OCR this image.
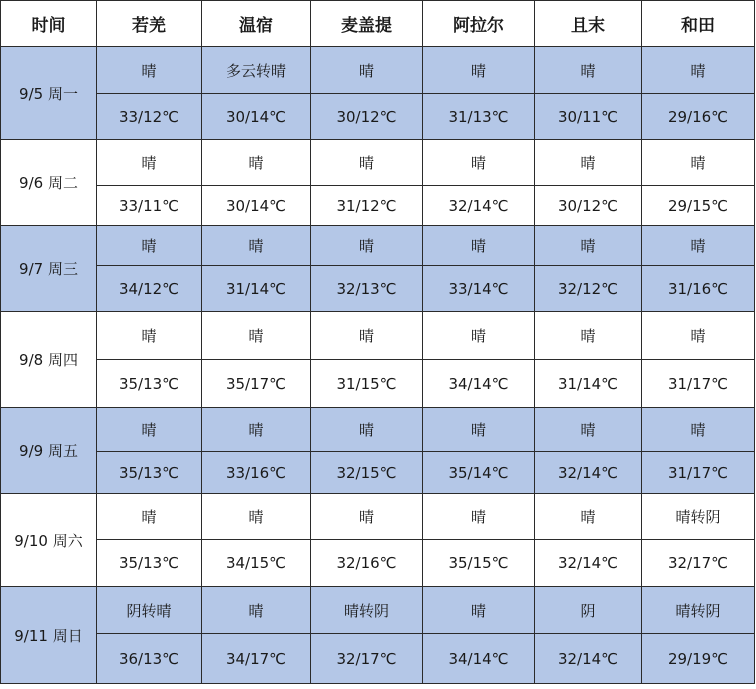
时间	若羌	温宿	麦盖提	阿拉尔	且末	和田
9/5 周一	晴	多云转晴	晴	晴	晴	晴
	33/12℃	30/14℃	30/12℃	31/13℃	30/11℃	29/16℃
9/6 周二	晴	晴	晴	晴	晴	晴
	33/11℃	30/14℃	31/12℃	32/14℃	30/12℃	29/15℃
9/7 周三	晴	晴	晴	晴	晴	晴
	34/12℃	31/14℃	32/13℃	33/14℃	32/12℃	31/16℃
9/8 周四	晴	晴	晴	晴	晴	晴
	35/13℃	35/17℃	31/15℃	34/14℃	31/14℃	31/17℃
9/9 周五	晴	晴	晴	晴	晴	晴
	35/13℃	33/16℃	32/15℃	35/14℃	32/14℃	31/17℃
9/10 周六	晴	晴	晴	晴	晴	晴转阴
	35/13℃	34/15℃	32/16℃	35/15℃	32/14℃	32/17℃
9/11 周日	阴转晴	晴	晴转阴	晴	阴	晴转阴
	36/13℃	34/17℃	32/17℃	34/14℃	32/14℃	29/19℃
